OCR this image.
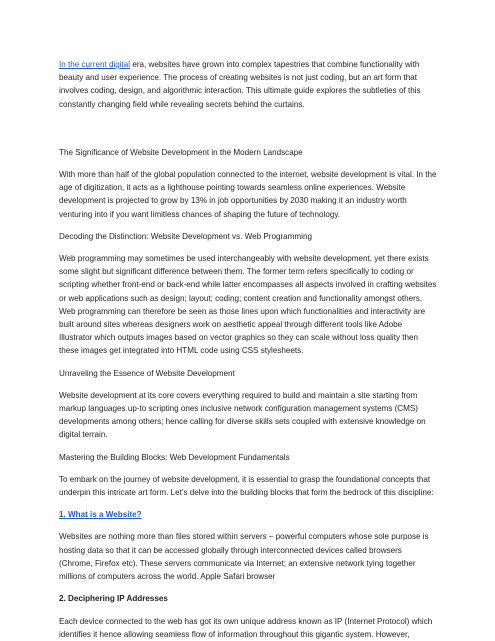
In the current digital era, websites have grown into complex tapestries that combine functionality with beauty and user experience. The process of creating websites is not just coding, but an art form that involves coding, design, and algorithmic interaction. This ultimate guide explores the subtleties of this constantly changing field while revealing secrets behind the curtains.

The Significance of Website Development in the Modern Landscape

With more than half of the global population connected to the internet, website development is vital. In the age of digitization, it acts as a lighthouse pointing towards seamless online experiences. Website development is projected to grow by 13% in job opportunities by 2030 making it an industry worth venturing into if you want limitless chances of shaping the future of technology.

Decoding the Distinction: Website Development vs. Web Programming

Web programming may sometimes be used interchangeably with website development, yet there exists some slight but significant difference between them. The former term refers specifically to coding or scripting whether front-end or back-end while latter encompasses all aspects involved in crafting websites or web applications such as design; layout; coding; content creation and functionality amongst others. Web programming can therefore be seen as those lines upon which functionalities and interactivity are built around sites whereas designers work on aesthetic appeal through different tools like Adobe Illustrator which outputs images based on vector graphics so they can scale without loss quality then these images get integrated into HTML code using CSS stylesheets.

Unraveling the Essence of Website Development

Website development at its core covers everything required to build and maintain a site starting from markup languages up-to scripting ones inclusive network configuration management systems (CMS) developments among others; hence calling for diverse skills sets coupled with extensive knowledge on digital terrain.

Mastering the Building Blocks: Web Development Fundamentals

To embark on the journey of website development, it is essential to grasp the foundational concepts that underpin this intricate art form. Let’s delve into the building blocks that form the bedrock of this discipline:

1. What is a Website?

Websites are nothing more than files stored within servers – powerful computers whose sole purpose is hosting data so that it can be accessed globally through interconnected devices called browsers (Chrome, Firefox etc). These servers communicate via Internet; an extensive network tying together millions of computers across the world. Apple Safari browser

2. Deciphering IP Addresses

Each device connected to the web has got its own unique address known as IP (Internet Protocol) which identifies it hence allowing seamless flow of information throughout this gigantic system. However,
